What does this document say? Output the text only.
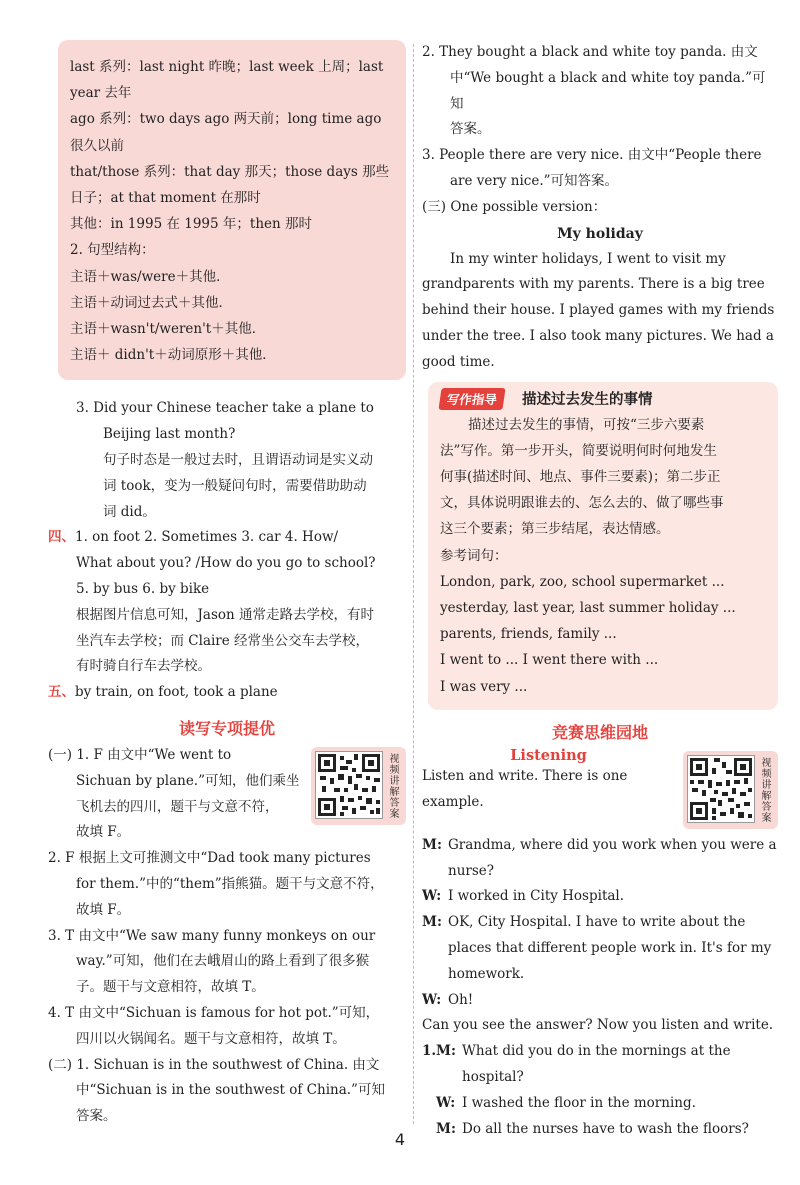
last 系列：last night 昨晚；last week 上周；last
year 去年
ago 系列：two days ago 两天前；long time ago
很久以前
that/those 系列：that day 那天；those days 那些
日子；at that moment 在那时
其他：in 1995 在 1995 年；then 那时
2. 句型结构：
主语＋was/were＋其他．
主语＋动词过去式＋其他．
主语＋wasn't/weren't＋其他．
主语＋ didn't＋动词原形＋其他．
3. Did your Chinese teacher take a plane to
Beijing last month?
句子时态是一般过去时，且谓语动词是实义动
词 took，变为一般疑问句时，需要借助助动
词 did。
四、1. on foot 2. Sometimes 3. car 4. How/
What about you? /How do you go to school?
5. by bus 6. by bike
根据图片信息可知，Jason 通常走路去学校，有时
坐汽车去学校；而 Claire 经常坐公交车去学校，
有时骑自行车去学校。
五、by train, on foot, took a plane
读写专项提优
视频讲解答案
(一) 1. F 由文中“We went to
Sichuan by plane.”可知，他们乘坐
飞机去的四川，题干与文意不符，
故填 F。
2. F 根据上文可推测文中“Dad took many pictures
for them.”中的“them”指熊猫。题干与文意不符，
故填 F。
3. T 由文中“We saw many funny monkeys on our
way.”可知，他们在去峨眉山的路上看到了很多猴
子。题干与文意相符，故填 T。
4. T 由文中“Sichuan is famous for hot pot.”可知，
四川以火锅闻名。题干与文意相符，故填 T。
(二) 1. Sichuan is in the southwest of China. 由文
中“Sichuan is in the southwest of China.”可知
答案。
2. They bought a black and white toy panda. 由文
中“We bought a black and white toy panda.”可知
答案。
3. People there are very nice. 由文中“People there
are very nice.”可知答案。
(三) One possible version：
My holiday
In my winter holidays, I went to visit my
grandparents with my parents. There is a big tree
behind their house. I played games with my friends
under the tree. I also took many pictures. We had a
good time.
写作指导	描述过去发生的事情
描述过去发生的事情，可按“三步六要素
法”写作。第一步开头，简要说明何时何地发生
何事(描述时间、地点、事件三要素)；第二步正
文，具体说明跟谁去的、怎么去的、做了哪些事
这三个要素；第三步结尾，表达情感。
参考词句：
London, park, zoo, school supermarket ...
yesterday, last year, last summer holiday ...
parents, friends, family ...
I went to ... I went there with ...
I was very ...
竞赛思维园地
视频讲解答案
Listening
Listen and write. There is one
example.
M: Grandma, where did you work when you were a nurse?
W: I worked in City Hospital.
M: OK, City Hospital. I have to write about the places that different people work in. It's for my homework.
W: Oh!
Can you see the answer? Now you listen and write.
1. M: What did you do in the mornings at the hospital?
W: I washed the floor in the morning.
M: Do all the nurses have to wash the floors?
4
